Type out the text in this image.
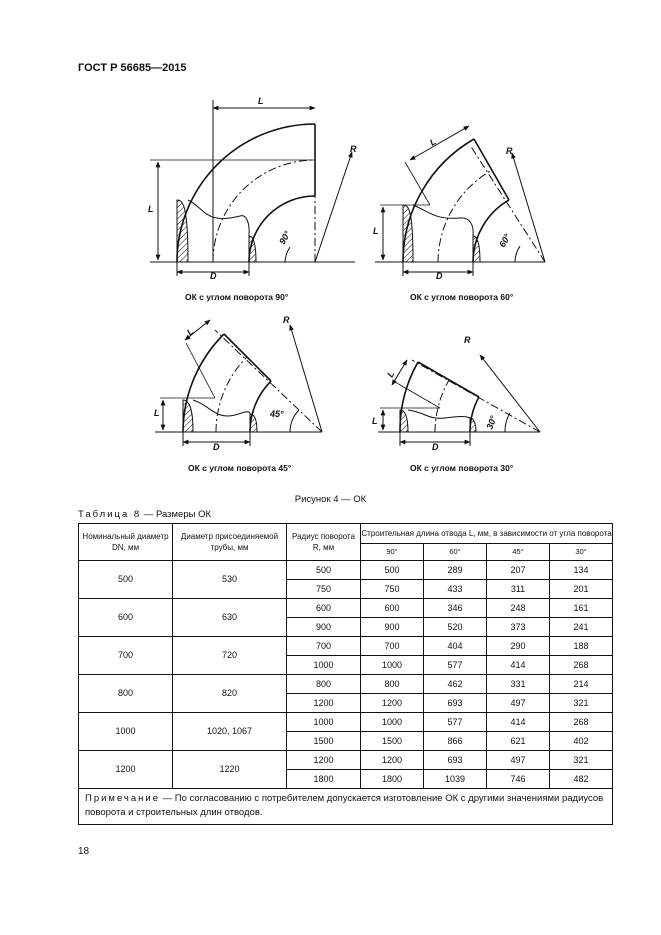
ГОСТ Р 56685—2015
L
L
R
D
90°
L
L
R
D
60°
L
L
R
D
45°
L
L
R
D
30°
ОК с углом поворота 90°	ОК с углом поворота 60°
ОК с углом поворота 45°	ОК с углом поворота 30°
Рисунок 4 — ОК
Таблица 8 — Размеры ОК
Номинальный диаметр DN, мм	Диаметр присоединяемой трубы, мм	Радиус поворота R, мм	Строительная длина отвода L, мм, в зависимости от угла поворота			
			90°	60°	45°	30°
500	530	500	500	289	207	134
		750	750	433	311	201
600	630	600	600	346	248	161
		900	900	520	373	241
700	720	700	700	404	290	188
		1000	1000	577	414	268
800	820	800	800	462	331	214
		1200	1200	693	497	321
1000	1020, 1067	1000	1000	577	414	268
		1500	1500	866	621	402
1200	1220	1200	1200	693	497	321
		1800	1800	1039	746	482
Примечание — По согласованию с потребителем допускается изготовление ОК с другими значениями радиусов поворота и строительных длин отводов.						
18
